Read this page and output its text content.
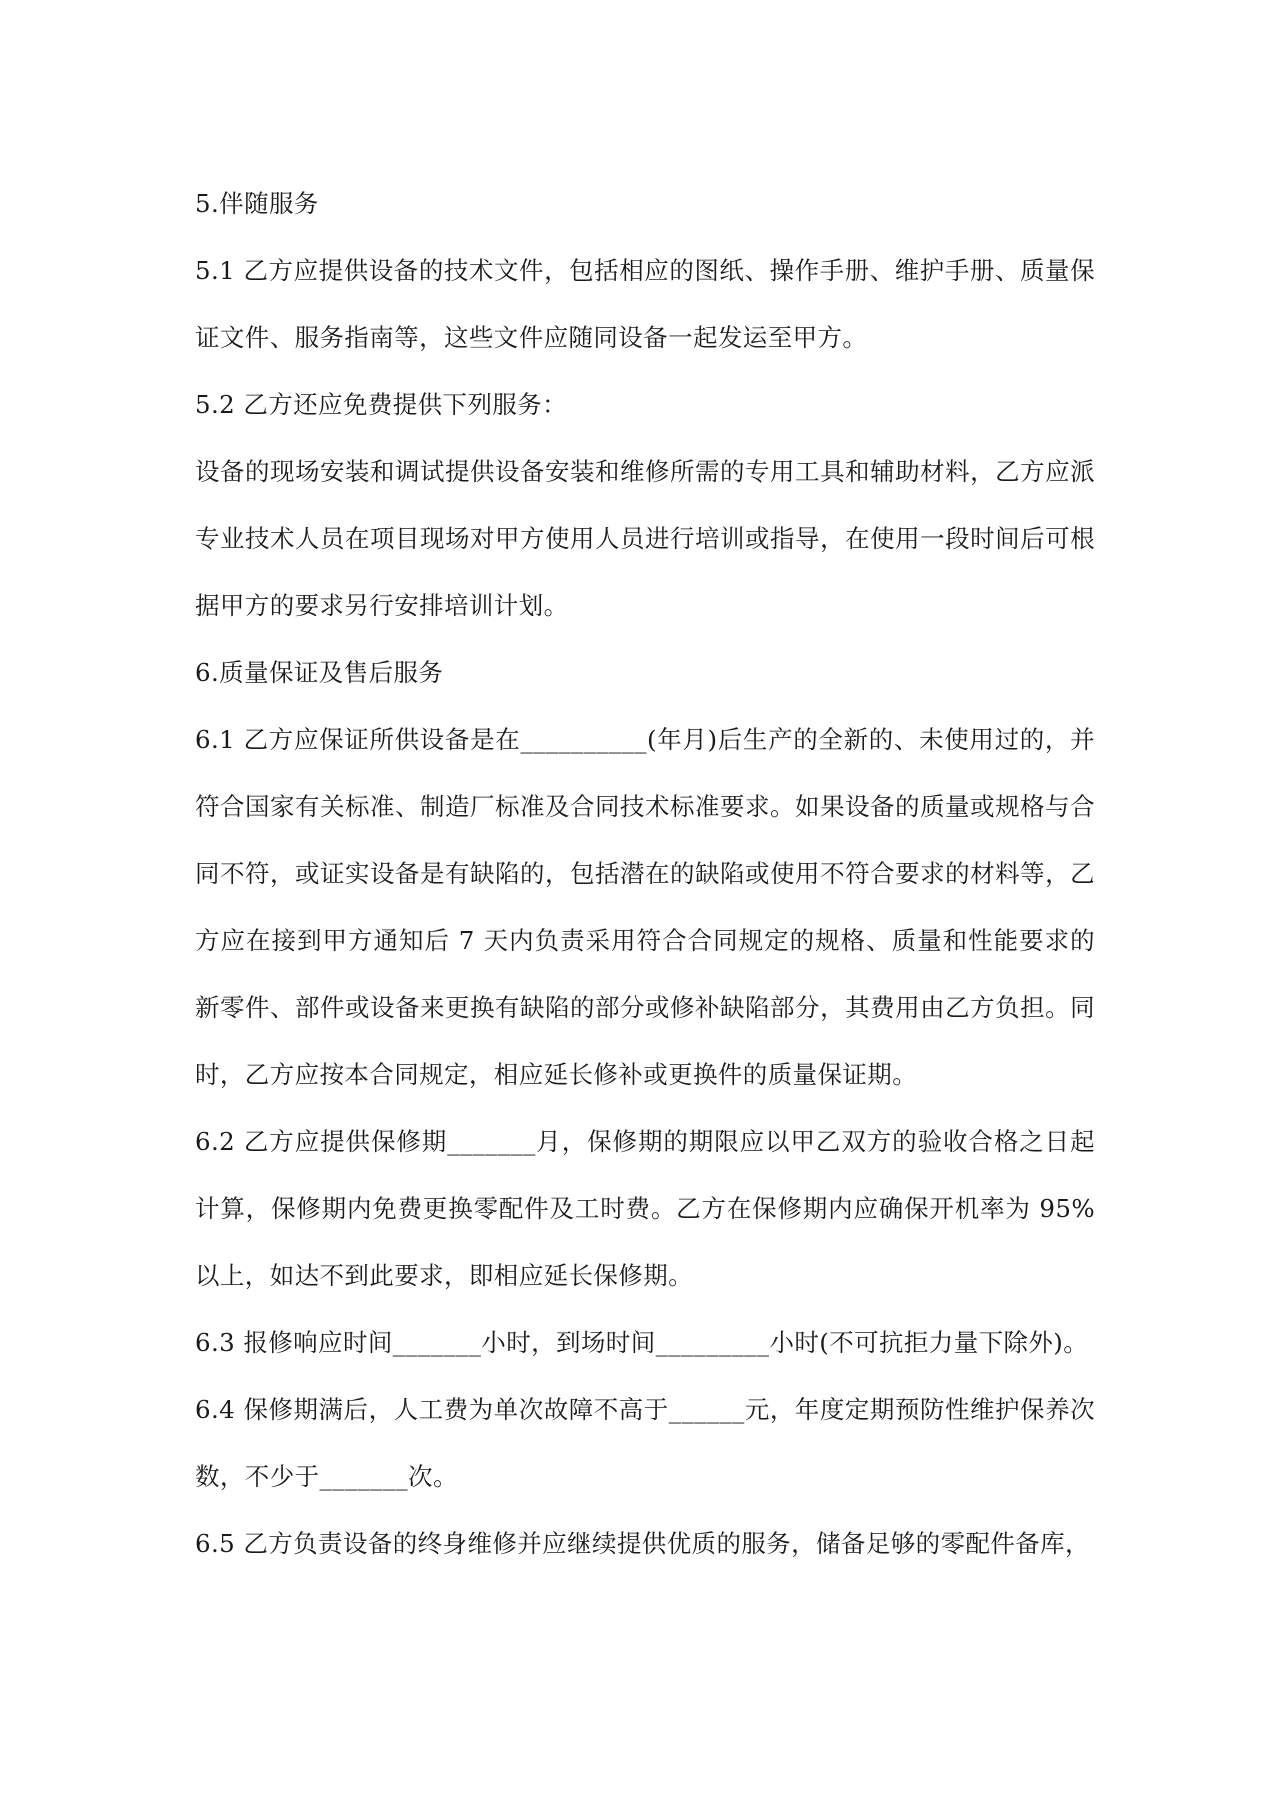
5.伴随服务

5.1 乙方应提供设备的技术文件，包括相应的图纸、操作手册、维护手册、质量保证文件、服务指南等，这些文件应随同设备一起发运至甲方。

5.2 乙方还应免费提供下列服务：

设备的现场安装和调试提供设备安装和维修所需的专用工具和辅助材料，乙方应派专业技术人员在项目现场对甲方使用人员进行培训或指导，在使用一段时间后可根据甲方的要求另行安排培训计划。

6.质量保证及售后服务

6.1 乙方应保证所供设备是在__________(年月)后生产的全新的、未使用过的，并符合国家有关标准、制造厂标准及合同技术标准要求。如果设备的质量或规格与合同不符，或证实设备是有缺陷的，包括潜在的缺陷或使用不符合要求的材料等，乙方应在接到甲方通知后 7 天内负责采用符合合同规定的规格、质量和性能要求的新零件、部件或设备来更换有缺陷的部分或修补缺陷部分，其费用由乙方负担。同时，乙方应按本合同规定，相应延长修补或更换件的质量保证期。

6.2 乙方应提供保修期_______月，保修期的期限应以甲乙双方的验收合格之日起计算，保修期内免费更换零配件及工时费。乙方在保修期内应确保开机率为 95%以上，如达不到此要求，即相应延长保修期。

6.3 报修响应时间_______小时，到场时间_________小时(不可抗拒力量下除外)。

6.4 保修期满后，人工费为单次故障不高于______元，年度定期预防性维护保养次数，不少于_______次。

6.5 乙方负责设备的终身维修并应继续提供优质的服务，储备足够的零配件备库，
